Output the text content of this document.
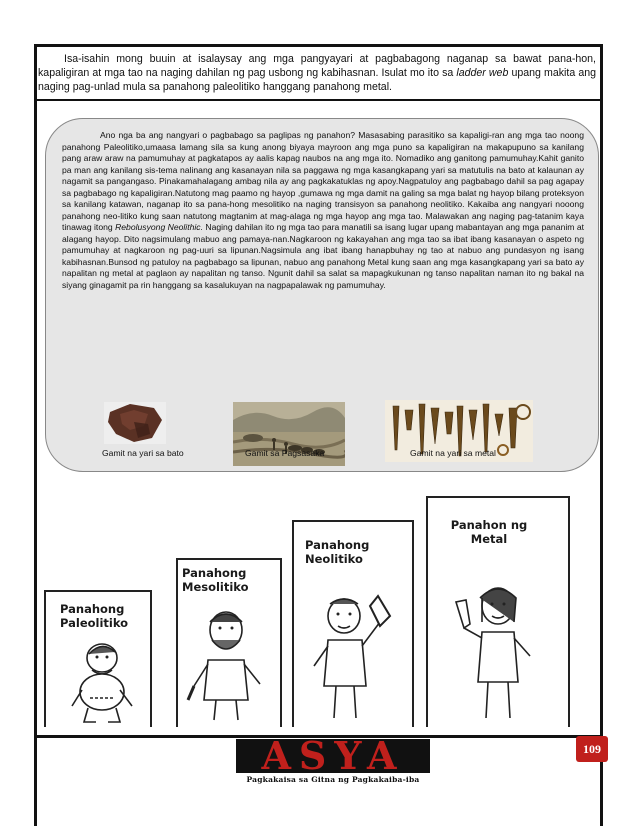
Isa-isahin mong buuin at isalaysay ang mga pangyayari at pagbabagong naganap sa bawat pana-hon, kapaligiran at mga tao na naging dahilan ng pag usbong ng kabihasnan. Isulat mo ito sa ladder web upang makita ang naging pag-unlad mula sa panahong paleolitiko hanggang panahong metal.

Ano nga ba ang nangyari o pagbabago sa paglipas ng panahon? Masasabing parasitiko sa kapaligi-ran ang mga tao noong panahong Paleolitiko,umaasa lamang sila sa kung anong biyaya mayroon ang mga puno sa kapaligiran na makapupuno sa kanilang pang araw araw na pamumuhay at pagkatapos ay aalis kapag naubos na ang mga ito. Nomadiko ang ganitong pamumuhay.Kahit ganito pa man ang kanilang sis-tema nalinang ang kasanayan nila sa paggawa ng mga kasangkapang yari sa matutulis na bato at kalaunan ay nagamit sa pangangaso. Pinakamahalagang ambag nila ay ang pagkakatuklas ng apoy.Nagpatuloy ang pagbabago dahil sa pag agapay sa pagbabago ng kapaligiran.Natutong mag paamo ng hayop ,gumawa ng mga damit na galing sa mga balat ng hayop bilang proteksyon sa kanilang katawan, naganap ito sa pana-hong mesolitiko na naging transisyon sa panahong neolitiko. Kakaiba ang nangyari nooong panahong neo-litiko kung saan natutong magtanim at mag-alaga ng mga hayop ang mga tao. Malawakan ang naging pag-tatanim kaya tinawag itong Rebolusyong Neolithic. Naging dahilan ito ng mga tao para manatili sa isang lugar upang mabantayan ang mga pananim at alagang hayop. Dito nagsimulang mabuo ang pamaya-nan.Nagkaroon ng kakayahan ang mga tao sa ibat ibang kasanayan o aspeto ng pamumuhay at nagkaroon ng pag-uuri sa lipunan.Nagsimula ang ibat ibang hanapbuhay ng tao at nabuo ang pundasyon ng isang kabihasnan.Bunsod ng patuloy na pagbabago sa lipunan, nabuo ang panahong Metal kung saan ang mga kasangkapang yari sa bato ay napalitan ng metal at paglaon ay napalitan ng tanso. Ngunit dahil sa salat sa mapagkukunan ng tanso napalitan naman ito ng bakal na siyang ginagamit pa rin hanggang sa kasalukuyan na nagpapalawak ng pamumuhay.

Gamit na yari sa bato	Gamit sa Pagsasaka	Gamit na yari sa metal
Panahong
Paleolitiko
Panahong
Mesolitiko
Panahong
Neolitiko
Panahon ng
Metal
ASYA
Pagkakaisa sa Gitna ng Pagkakaiba-iba
109
